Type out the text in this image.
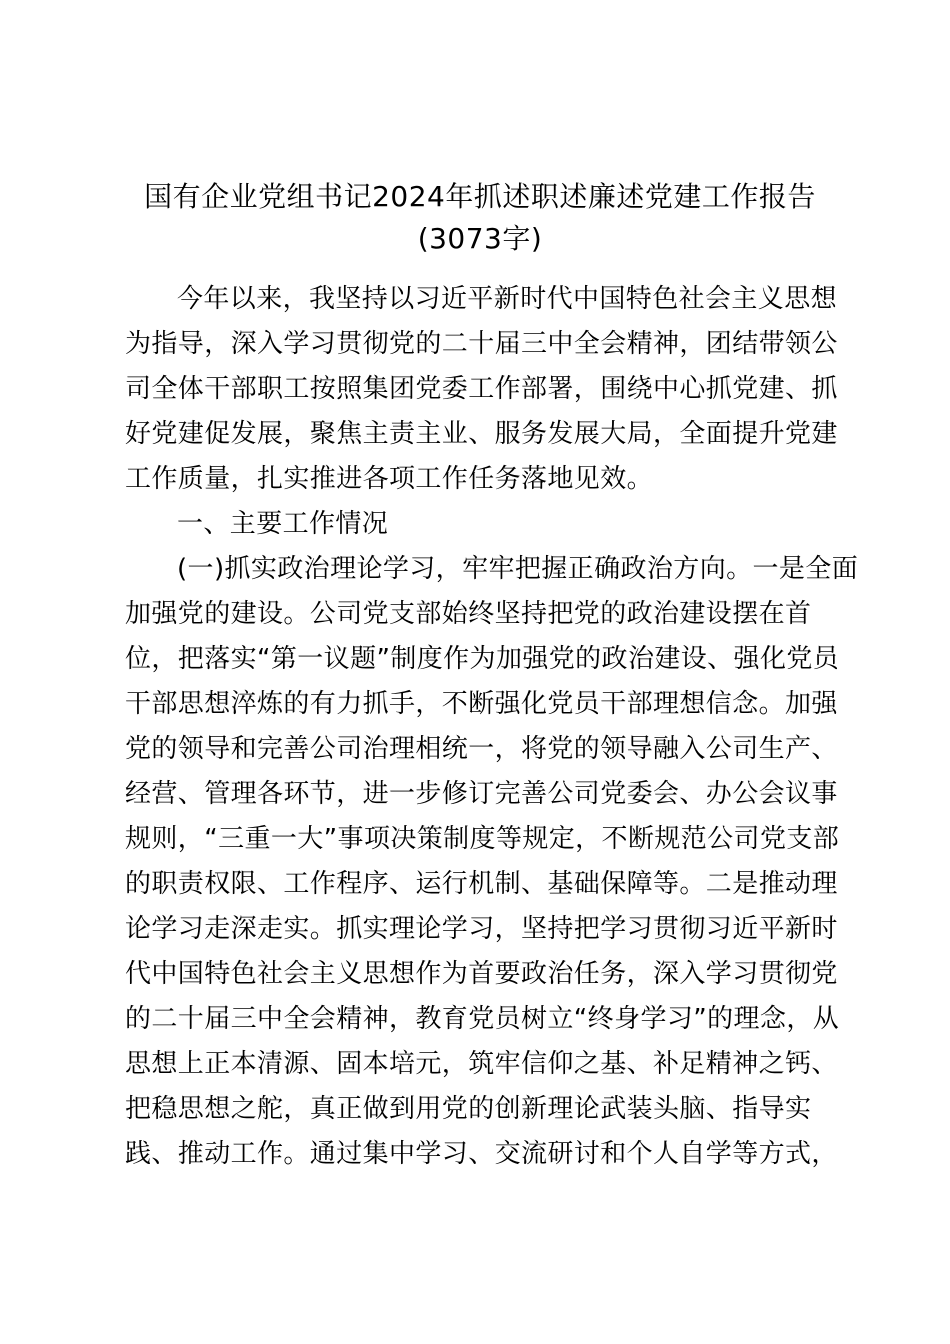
国有企业党组书记2024年抓述职述廉述党建工作报告
(3073字)
今年以来，我坚持以习近平新时代中国特色社会主义思想
为指导，深入学习贯彻党的二十届三中全会精神，团结带领公
司全体干部职工按照集团党委工作部署，围绕中心抓党建、抓
好党建促发展，聚焦主责主业、服务发展大局，全面提升党建
工作质量，扎实推进各项工作任务落地见效。
一、主要工作情况
(一)抓实政治理论学习，牢牢把握正确政治方向。一是全面
加强党的建设。公司党支部始终坚持把党的政治建设摆在首
位，把落实“第一议题”制度作为加强党的政治建设、强化党员
干部思想淬炼的有力抓手，不断强化党员干部理想信念。加强
党的领导和完善公司治理相统一，将党的领导融入公司生产、
经营、管理各环节，进一步修订完善公司党委会、办公会议事
规则，“三重一大”事项决策制度等规定，不断规范公司党支部
的职责权限、工作程序、运行机制、基础保障等。二是推动理
论学习走深走实。抓实理论学习，坚持把学习贯彻习近平新时
代中国特色社会主义思想作为首要政治任务，深入学习贯彻党
的二十届三中全会精神，教育党员树立“终身学习”的理念，从
思想上正本清源、固本培元，筑牢信仰之基、补足精神之钙、
把稳思想之舵，真正做到用党的创新理论武装头脑、指导实
践、推动工作。通过集中学习、交流研讨和个人自学等方式，
